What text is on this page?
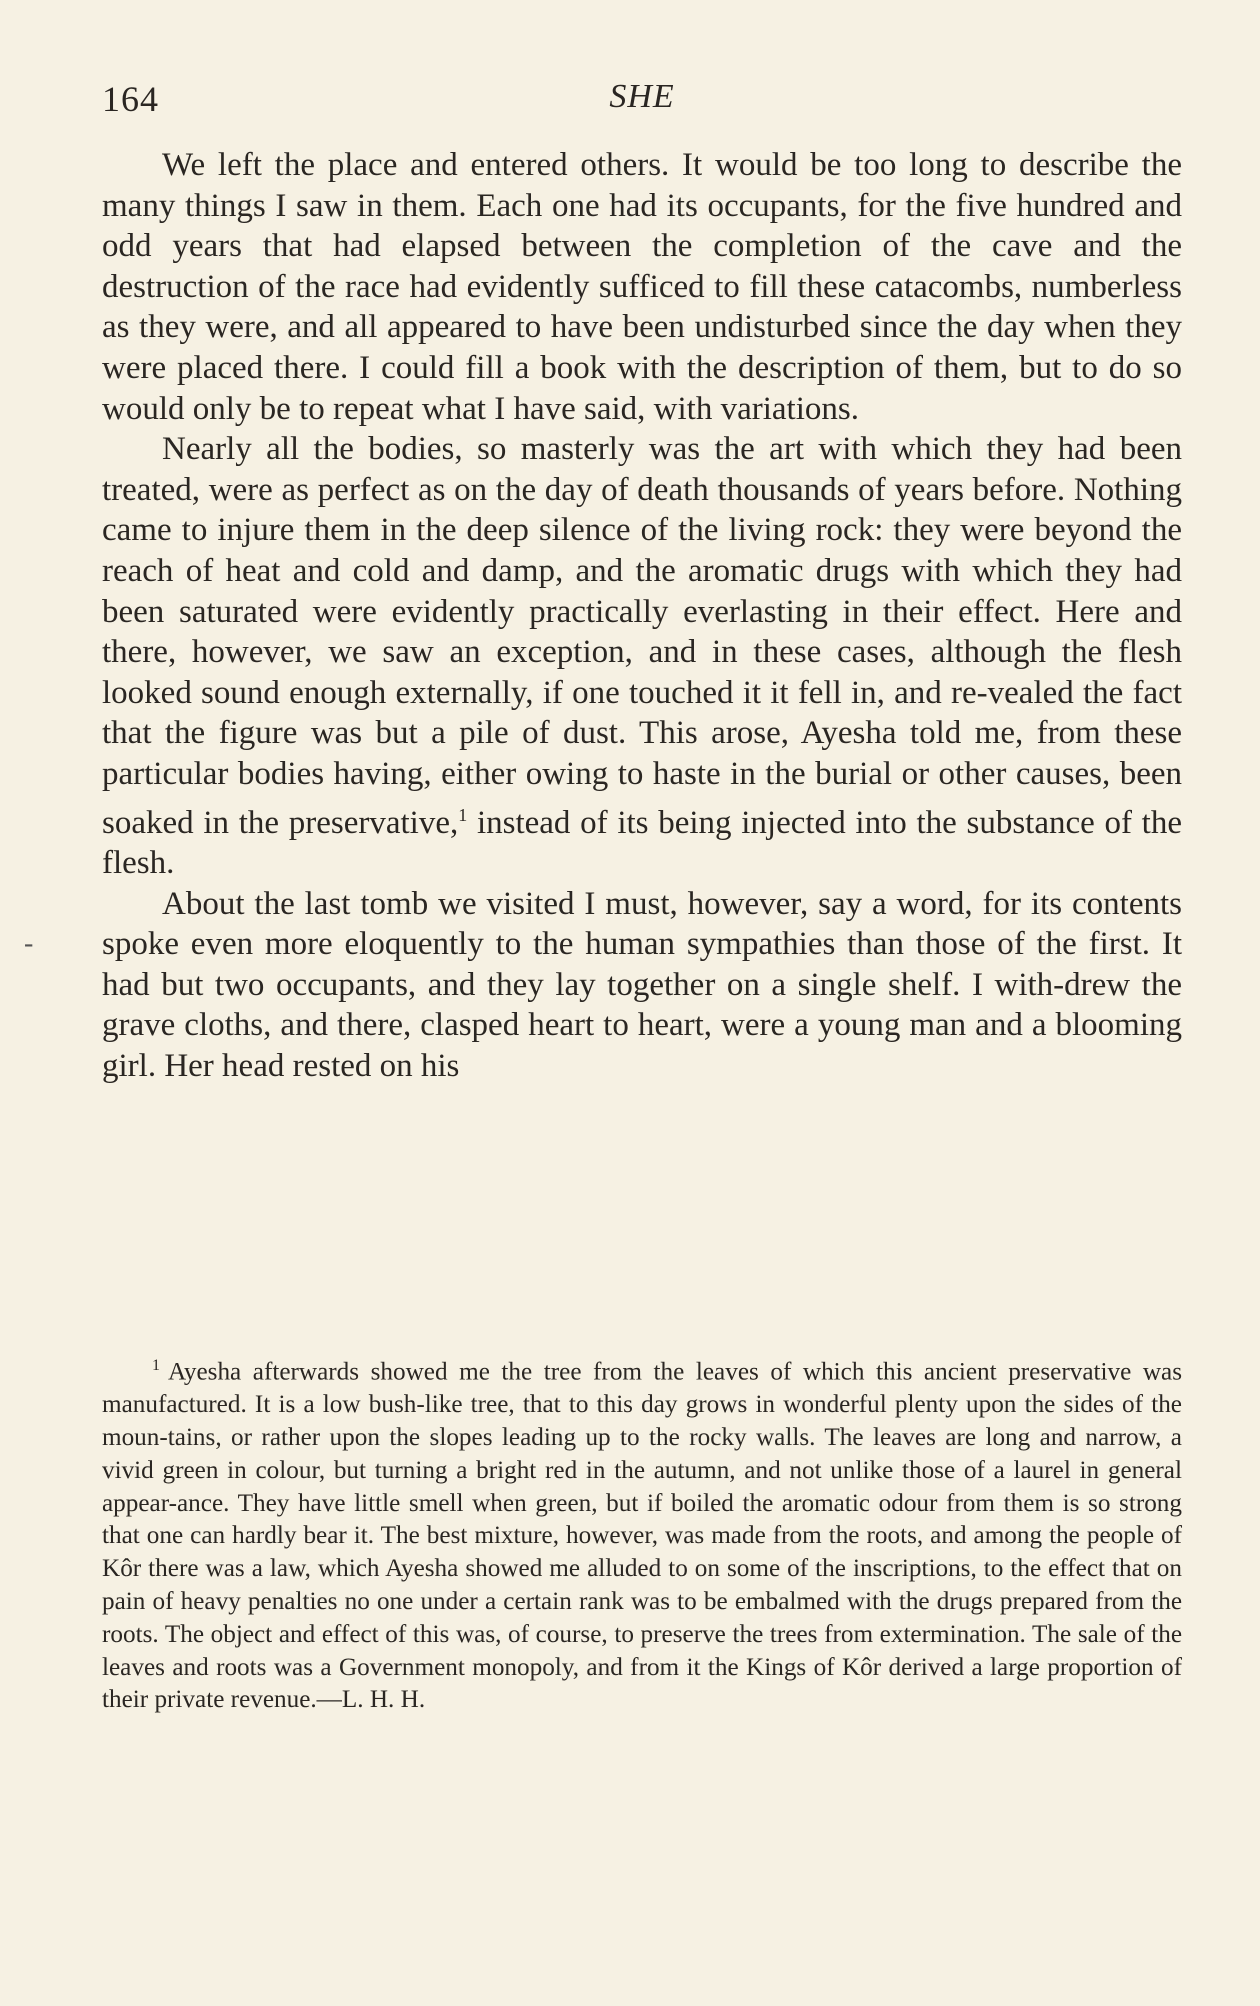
164	SHE
-

We left the place and entered others. It would be too long to describe the many things I saw in them. Each one had its occupants, for the five hundred and odd years that had elapsed between the completion of the cave and the destruction of the race had evidently sufficed to fill these catacombs, numberless as they were, and all appeared to have been undisturbed since the day when they were placed there. I could fill a book with the description of them, but to do so would only be to repeat what I have said, with variations.

Nearly all the bodies, so masterly was the art with which they had been treated, were as perfect as on the day of death thousands of years before. Nothing came to injure them in the deep silence of the living rock: they were beyond the reach of heat and cold and damp, and the aromatic drugs with which they had been saturated were evidently practically everlasting in their effect. Here and there, however, we saw an exception, and in these cases, although the flesh looked sound enough externally, if one touched it it fell in, and re-vealed the fact that the figure was but a pile of dust. This arose, Ayesha told me, from these particular bodies having, either owing to haste in the burial or other causes, been soaked in the preservative,$^1$ instead of its being injected into the substance of the flesh.

About the last tomb we visited I must, however, say a word, for its contents spoke even more eloquently to the human sympathies than those of the first. It had but two occupants, and they lay together on a single shelf. I with-drew the grave cloths, and there, clasped heart to heart, were a young man and a blooming girl. Her head rested on his

$^1$ Ayesha afterwards showed me the tree from the leaves of which this ancient preservative was manufactured. It is a low bush-like tree, that to this day grows in wonderful plenty upon the sides of the moun-tains, or rather upon the slopes leading up to the rocky walls. The leaves are long and narrow, a vivid green in colour, but turning a bright red in the autumn, and not unlike those of a laurel in general appear-ance. They have little smell when green, but if boiled the aromatic odour from them is so strong that one can hardly bear it. The best mixture, however, was made from the roots, and among the people of Kôr there was a law, which Ayesha showed me alluded to on some of the inscriptions, to the effect that on pain of heavy penalties no one under a certain rank was to be embalmed with the drugs prepared from the roots. The object and effect of this was, of course, to preserve the trees from extermination. The sale of the leaves and roots was a Government monopoly, and from it the Kings of Kôr derived a large proportion of their private revenue.—L. H. H.
